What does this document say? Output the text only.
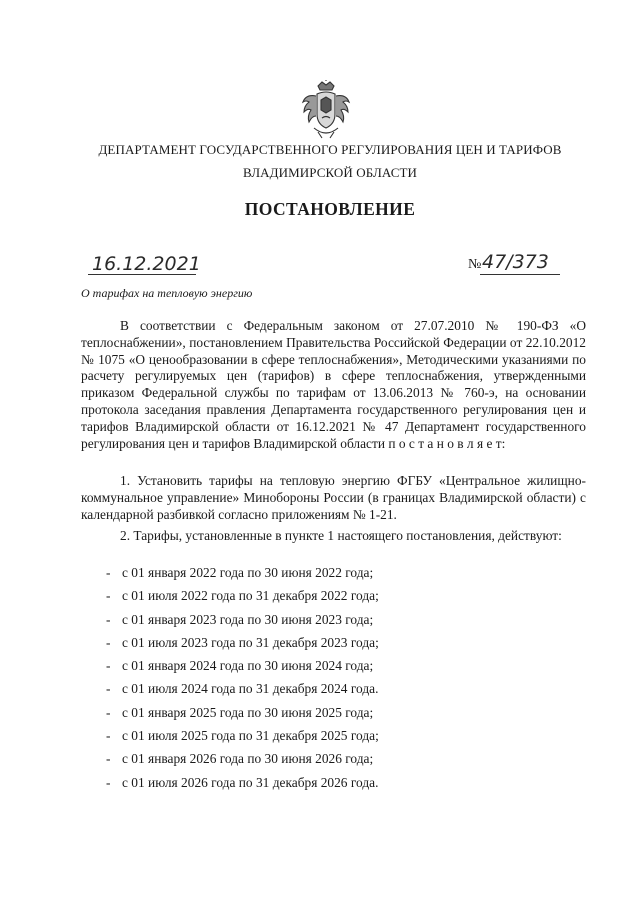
ДЕПАРТАМЕНТ ГОСУДАРСТВЕННОГО РЕГУЛИРОВАНИЯ ЦЕН И ТАРИФОВ
ВЛАДИМИРСКОЙ ОБЛАСТИ
ПОСТАНОВЛЕНИЕ
16.12.2021	№ 47/373
О тарифах на тепловую энергию
В соответствии с Федеральным законом от 27.07.2010 № 190-ФЗ «О теплоснабжении», постановлением Правительства Российской Федерации от 22.10.2012 № 1075 «О ценообразовании в сфере теплоснабжения», Методическими указаниями по расчету регулируемых цен (тарифов) в сфере теплоснабжения, утвержденными приказом Федеральной службы по тарифам от 13.06.2013 № 760-э, на основании протокола заседания правления Департамента государственного регулирования цен и тарифов Владимирской области от 16.12.2021 № 47 Департамент государственного регулирования цен и тарифов Владимирской области п о с т а н о в л я е т:
1. Установить тарифы на тепловую энергию ФГБУ «Центральное жилищно-коммунальное управление» Минобороны России (в границах Владимирской области) с календарной разбивкой согласно приложениям № 1-21.
2. Тарифы, установленные в пункте 1 настоящего постановления, действуют:
- с 01 января 2022 года по 30 июня 2022 года;
- с 01 июля 2022 года по 31 декабря 2022 года;
- с 01 января 2023 года по 30 июня 2023 года;
- с 01 июля 2023 года по 31 декабря 2023 года;
- с 01 января 2024 года по 30 июня 2024 года;
- с 01 июля 2024 года по 31 декабря 2024 года.
- с 01 января 2025 года по 30 июня 2025 года;
- с 01 июля 2025 года по 31 декабря 2025 года;
- с 01 января 2026 года по 30 июня 2026 года;
- с 01 июля 2026 года по 31 декабря 2026 года.
